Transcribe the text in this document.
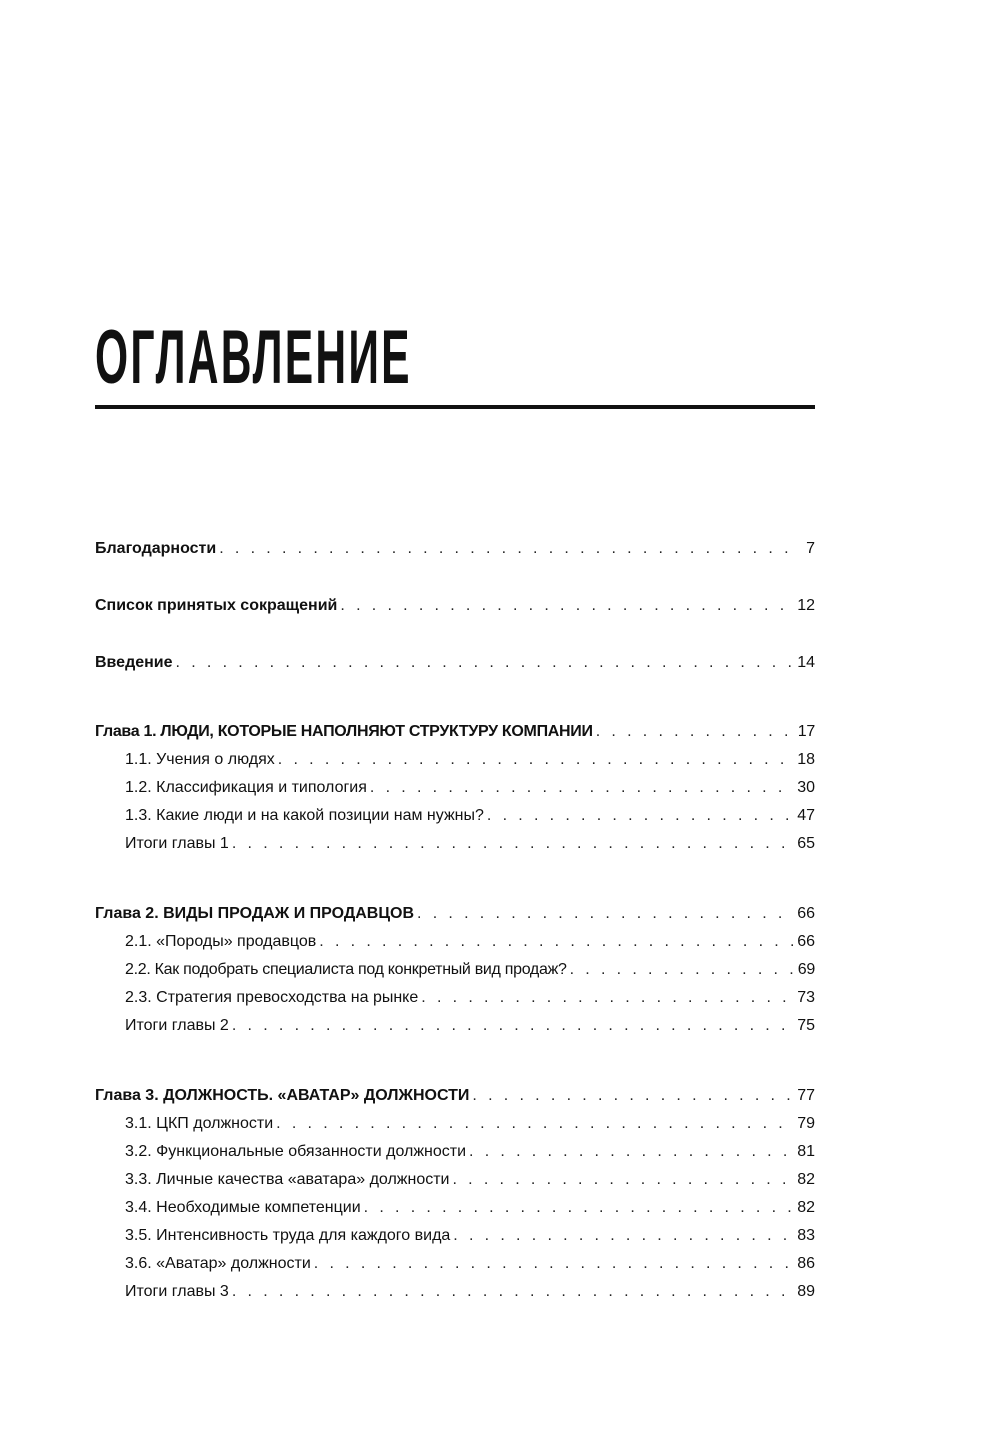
ОГЛАВЛЕНИЕ
Благодарности . . .	7
Список принятых сокращений . . .	12
Введение . . .	14
Глава 1. ЛЮДИ, КОТОРЫЕ НАПОЛНЯЮТ СТРУКТУРУ КОМПАНИИ . . .	17
1.1. Учения о людях . . .	18
1.2. Классификация и типология . . .	30
1.3. Какие люди и на какой позиции нам нужны? . . .	47
Итоги главы 1 . . .	65
Глава 2. ВИДЫ ПРОДАЖ И ПРОДАВЦОВ . . .	66
2.1. «Породы» продавцов . . .	66
2.2. Как подобрать специалиста под конкретный вид продаж? . . .	69
2.3. Стратегия превосходства на рынке . . .	73
Итоги главы 2 . . .	75
Глава 3. ДОЛЖНОСТЬ. «АВАТАР» ДОЛЖНОСТИ . . .	77
3.1. ЦКП должности . . .	79
3.2. Функциональные обязанности должности . . .	81
3.3. Личные качества «аватара» должности . . .	82
3.4. Необходимые компетенции . . .	82
3.5. Интенсивность труда для каждого вида . . .	83
3.6. «Аватар» должности . . .	86
Итоги главы 3 . . .	89
